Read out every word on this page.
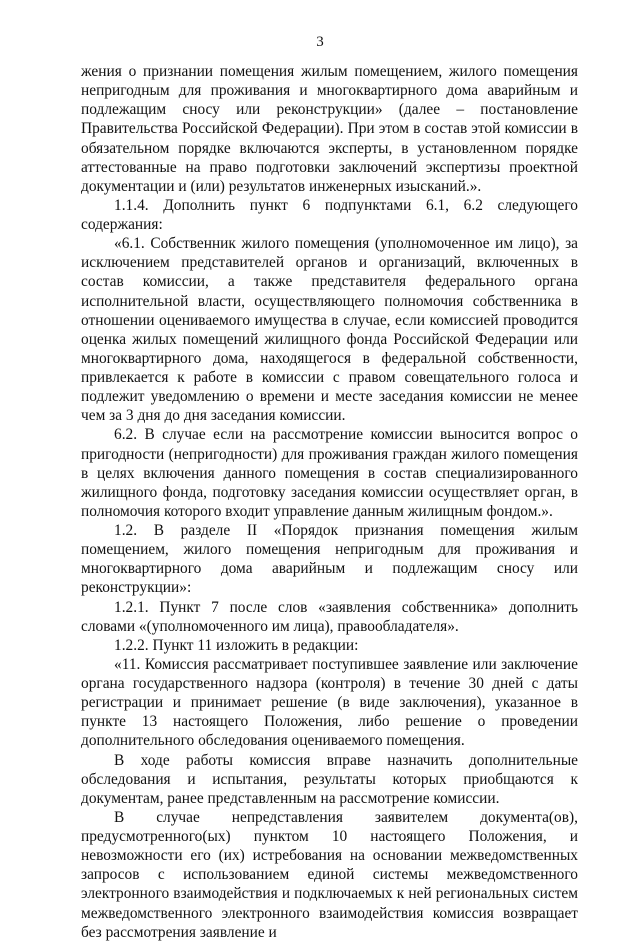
3

жения о признании помещения жилым помещением, жилого помещения непригодным для проживания и многоквартирного дома аварийным и подлежащим сносу или реконструкции» (далее – постановление Правительства Российской Федерации). При этом в состав этой комиссии в обязательном порядке включаются эксперты, в установленном порядке аттестованные на право подготовки заключений экспертизы проектной документации и (или) результатов инженерных изысканий.».

1.1.4. Дополнить пункт 6 подпунктами 6.1, 6.2 следующего содержания:

«6.1. Собственник жилого помещения (уполномоченное им лицо), за исключением представителей органов и организаций, включенных в состав комиссии, а также представителя федерального органа исполнительной власти, осуществляющего полномочия собственника в отношении оцениваемого имущества в случае, если комиссией проводится оценка жилых помещений жилищного фонда Российской Федерации или многоквартирного дома, находящегося в федеральной собственности, привлекается к работе в комиссии с правом совещательного голоса и подлежит уведомлению о времени и месте заседания комиссии не менее чем за 3 дня до дня заседания комиссии.

6.2. В случае если на рассмотрение комиссии выносится вопрос о пригодности (непригодности) для проживания граждан жилого помещения в целях включения данного помещения в состав специализированного жилищного фонда, подготовку заседания комиссии осуществляет орган, в полномочия которого входит управление данным жилищным фондом.».

1.2. В разделе II «Порядок признания помещения жилым помещением, жилого помещения непригодным для проживания и многоквартирного дома аварийным и подлежащим сносу или реконструкции»:

1.2.1. Пункт 7 после слов «заявления собственника» дополнить словами «(уполномоченного им лица), правообладателя».

1.2.2. Пункт 11 изложить в редакции:

«11. Комиссия рассматривает поступившее заявление или заключение органа государственного надзора (контроля) в течение 30 дней с даты регистрации и принимает решение (в виде заключения), указанное в пункте 13 настоящего Положения, либо решение о проведении дополнительного обследования оцениваемого помещения.

В ходе работы комиссия вправе назначить дополнительные обследования и испытания, результаты которых приобщаются к документам, ранее представленным на рассмотрение комиссии.

В случае непредставления заявителем документа(ов), предусмотренного(ых) пунктом 10 настоящего Положения, и невозможности его (их) истребования на основании межведомственных запросов с использованием единой системы межведомственного электронного взаимодействия и подключаемых к ней региональных систем межведомственного электронного взаимодействия комиссия возвращает без рассмотрения заявление и
